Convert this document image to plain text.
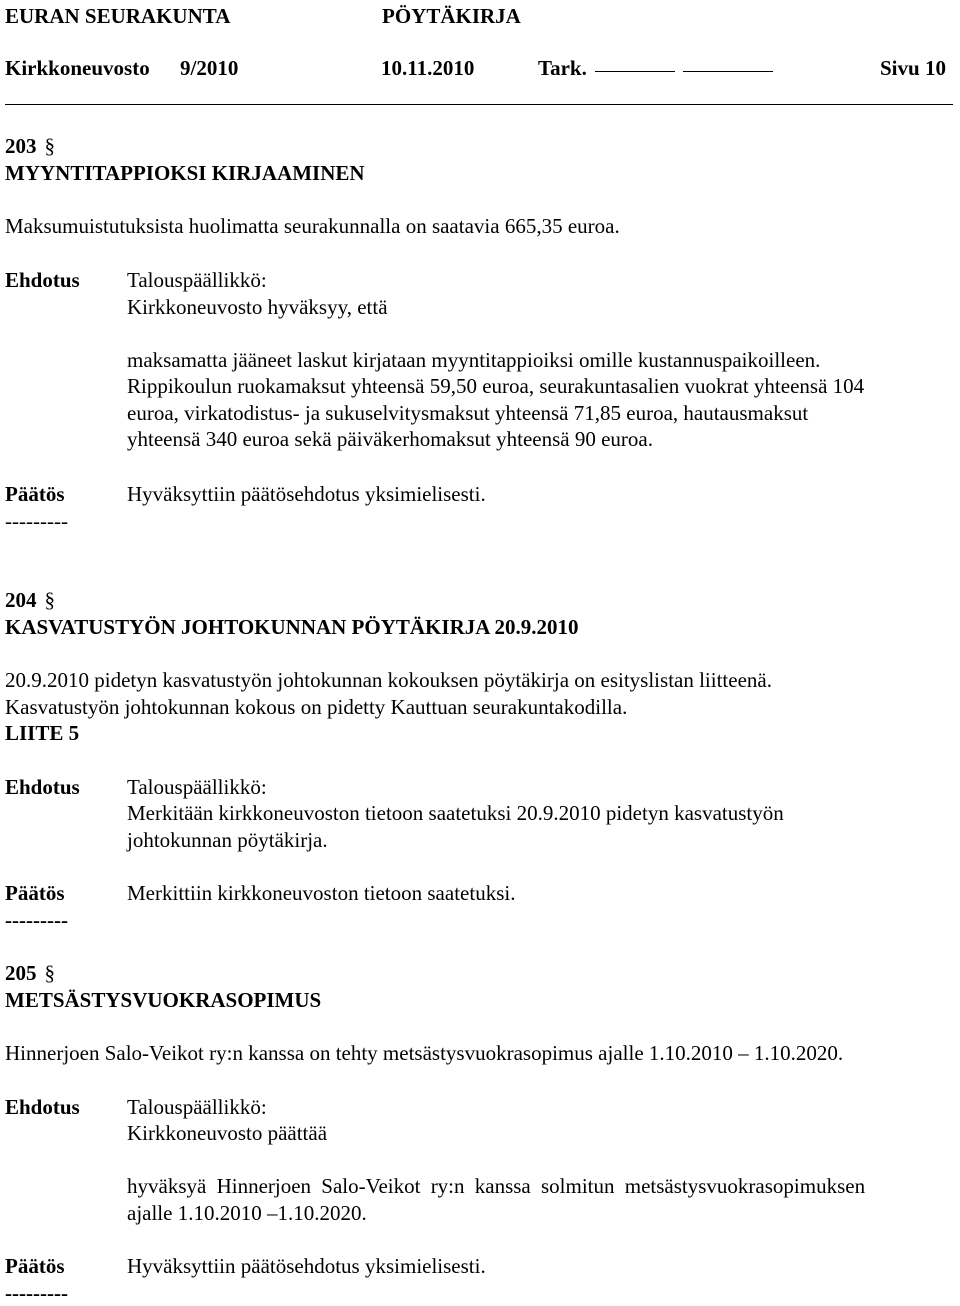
EURAN SEURAKUNTA	PÖYTÄKIRJA
Kirkkoneuvosto 9/2010	10.11.2010	Tark.	Sivu 10
203 §
MYYNTITAPPIOKSI KIRJAAMINEN
Maksumuistutuksista huolimatta seurakunnalla on saatavia 665,35 euroa.
Ehdotus Talouspäällikkö:
Kirkkoneuvosto hyväksyy, että
maksamatta jääneet laskut kirjataan myyntitappioiksi omille kustannuspaikoilleen.
Rippikoulun ruokamaksut yhteensä 59,50 euroa, seurakuntasalien vuokrat yhteensä 104
euroa, virkatodistus- ja sukuselvitysmaksut yhteensä 71,85 euroa, hautausmaksut
yhteensä 340 euroa sekä päiväkerhomaksut yhteensä 90 euroa.
Päätös	Hyväksyttiin päätösehdotus yksimielisesti.
---------
204 §
KASVATUSTYÖN JOHTOKUNNAN PÖYTÄKIRJA 20.9.2010
20.9.2010 pidetyn kasvatustyön johtokunnan kokouksen pöytäkirja on esityslistan liitteenä.
Kasvatustyön johtokunnan kokous on pidetty Kauttuan seurakuntakodilla.
LIITE 5
Ehdotus Talouspäällikkö:
Merkitään kirkkoneuvoston tietoon saatetuksi 20.9.2010 pidetyn kasvatustyön
johtokunnan pöytäkirja.
Päätös	Merkittiin kirkkoneuvoston tietoon saatetuksi.
---------
205 §
METSÄSTYSVUOKRASOPIMUS
Hinnerjoen Salo-Veikot ry:n kanssa on tehty metsästysvuokrasopimus ajalle 1.10.2010 – 1.10.2020.
Ehdotus Talouspäällikkö:
Kirkkoneuvosto päättää
hyväksyä Hinnerjoen Salo-Veikot ry:n kanssa solmitun metsästysvuokrasopimuksen
ajalle 1.10.2010 –1.10.2020.
Päätös	Hyväksyttiin päätösehdotus yksimielisesti.
---------
